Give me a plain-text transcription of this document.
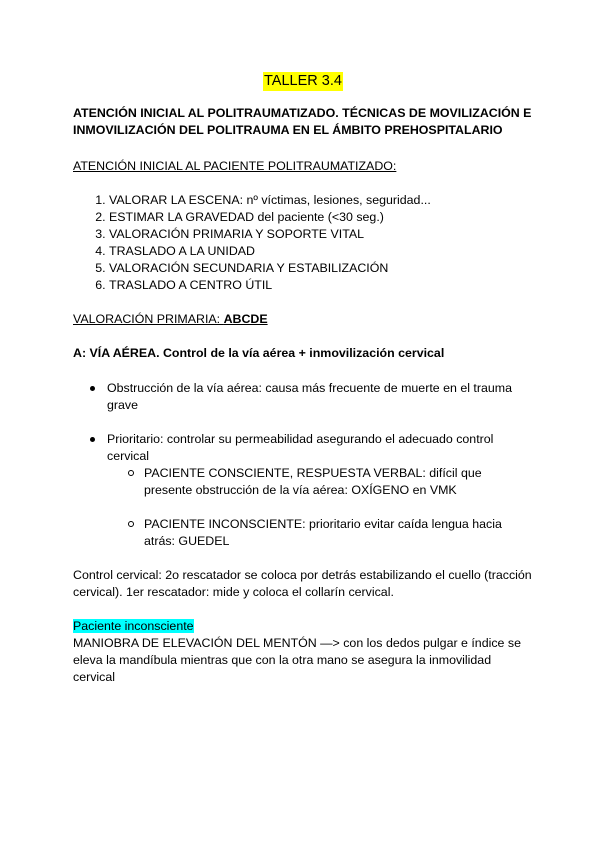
TALLER 3.4

ATENCIÓN INICIAL AL POLITRAUMATIZADO. TÉCNICAS DE MOVILIZACIÓN E INMOVILIZACIÓN DEL POLITRAUMA EN EL ÁMBITO PREHOSPITALARIO

ATENCIÓN INICIAL AL PACIENTE POLITRAUMATIZADO:

1. VALORAR LA ESCENA: nº víctimas, lesiones, seguridad...
2. ESTIMAR LA GRAVEDAD del paciente (<30 seg.)
3. VALORACIÓN PRIMARIA Y SOPORTE VITAL
4. TRASLADO A LA UNIDAD
5. VALORACIÓN SECUNDARIA Y ESTABILIZACIÓN
6. TRASLADO A CENTRO ÚTIL

VALORACIÓN PRIMARIA: ABCDE

A: VÍA AÉREA. Control de la vía aérea + inmovilización cervical

Obstrucción de la vía aérea: causa más frecuente de muerte en el trauma grave
Prioritario: controlar su permeabilidad asegurando el adecuado control cervical
PACIENTE CONSCIENTE, RESPUESTA VERBAL: difícil que presente obstrucción de la vía aérea: OXÍGENO en VMK
PACIENTE INCONSCIENTE: prioritario evitar caída lengua hacia atrás: GUEDEL

Control cervical: 2o rescatador se coloca por detrás estabilizando el cuello (tracción cervical). 1er rescatador: mide y coloca el collarín cervical.

Paciente inconsciente
MANIOBRA DE ELEVACIÓN DEL MENTÓN —> con los dedos pulgar e índice se eleva la mandíbula mientras que con la otra mano se asegura la inmovilidad cervical
